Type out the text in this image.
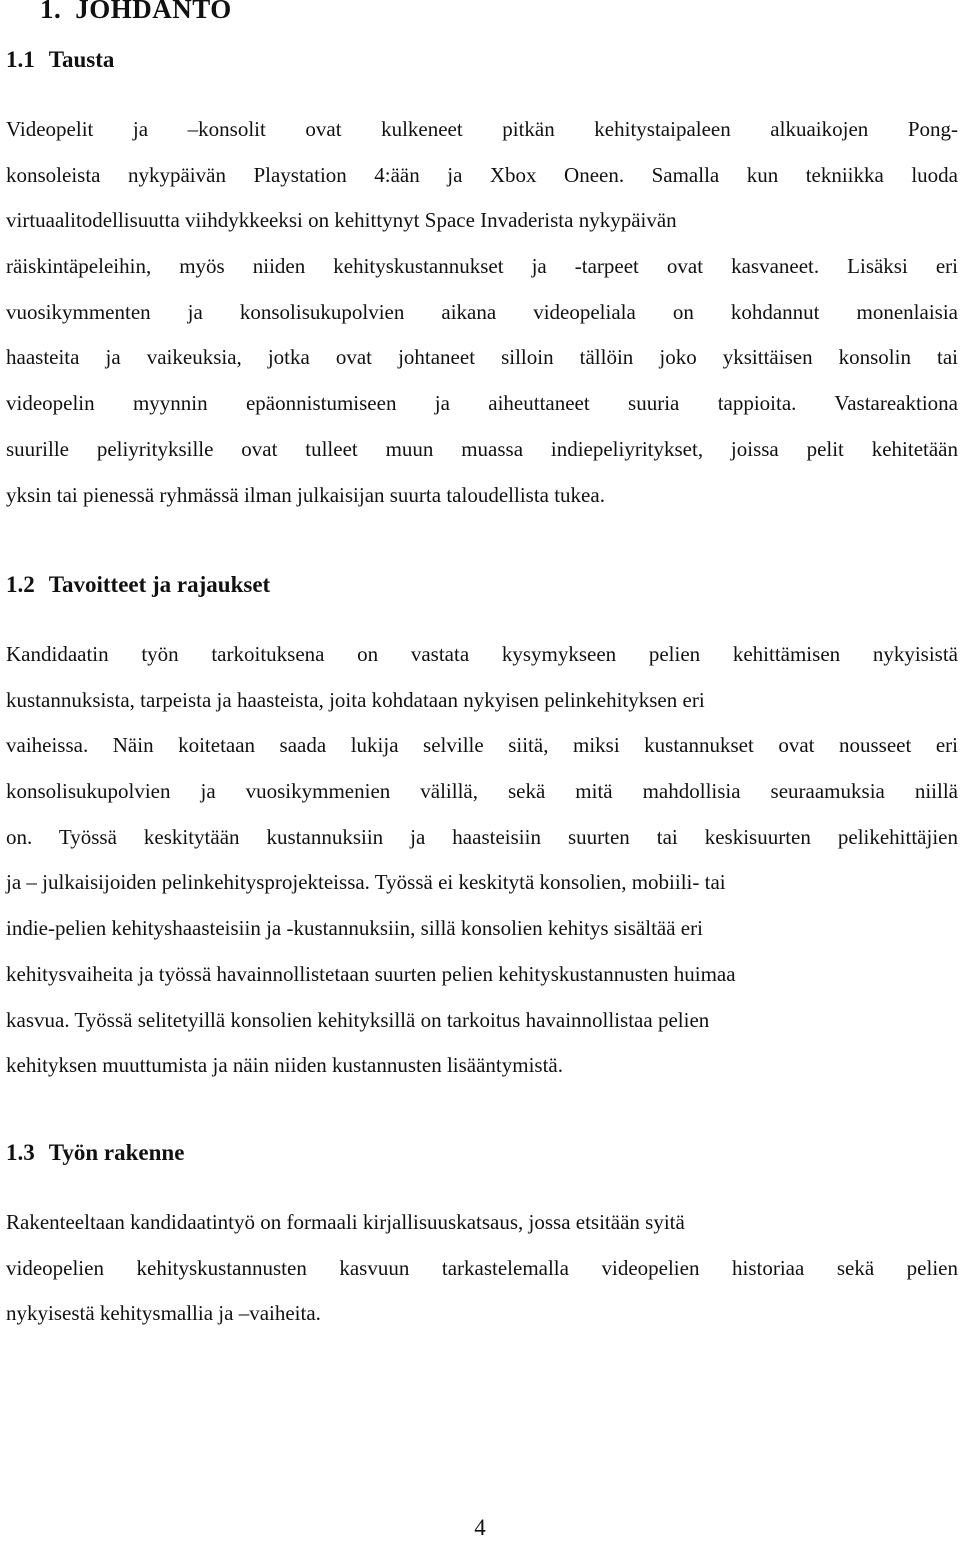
1. JOHDANTO
1.1 Tausta
Videopelit ja –konsolit ovat kulkeneet pitkän kehitystaipaleen alkuaikojen Pong-
konsoleista nykypäivän Playstation 4:ään ja Xbox Oneen. Samalla kun tekniikka luoda
virtuaalitodellisuutta viihdykkeeksi on kehittynyt Space Invaderista nykypäivän
räiskintäpeleihin, myös niiden kehityskustannukset ja -tarpeet ovat kasvaneet. Lisäksi eri
vuosikymmenten ja konsolisukupolvien aikana videopeliala on kohdannut monenlaisia
haasteita ja vaikeuksia, jotka ovat johtaneet silloin tällöin joko yksittäisen konsolin tai
videopelin myynnin epäonnistumiseen ja aiheuttaneet suuria tappioita. Vastareaktiona
suurille peliyrityksille ovat tulleet muun muassa indiepeliyritykset, joissa pelit kehitetään
yksin tai pienessä ryhmässä ilman julkaisijan suurta taloudellista tukea.
1.2 Tavoitteet ja rajaukset
Kandidaatin työn tarkoituksena on vastata kysymykseen pelien kehittämisen nykyisistä
kustannuksista, tarpeista ja haasteista, joita kohdataan nykyisen pelinkehityksen eri
vaiheissa. Näin koitetaan saada lukija selville siitä, miksi kustannukset ovat nousseet eri
konsolisukupolvien ja vuosikymmenien välillä, sekä mitä mahdollisia seuraamuksia niillä
on. Työssä keskitytään kustannuksiin ja haasteisiin suurten tai keskisuurten pelikehittäjien
ja – julkaisijoiden pelinkehitysprojekteissa. Työssä ei keskitytä konsolien, mobiili- tai
indie-pelien kehityshaasteisiin ja -kustannuksiin, sillä konsolien kehitys sisältää eri
kehitysvaiheita ja työssä havainnollistetaan suurten pelien kehityskustannusten huimaa
kasvua. Työssä selitetyillä konsolien kehityksillä on tarkoitus havainnollistaa pelien
kehityksen muuttumista ja näin niiden kustannusten lisääntymistä.
1.3 Työn rakenne
Rakenteeltaan kandidaatintyö on formaali kirjallisuuskatsaus, jossa etsitään syitä
videopelien kehityskustannusten kasvuun tarkastelemalla videopelien historiaa sekä pelien
nykyisestä kehitysmallia ja –vaiheita.

4
